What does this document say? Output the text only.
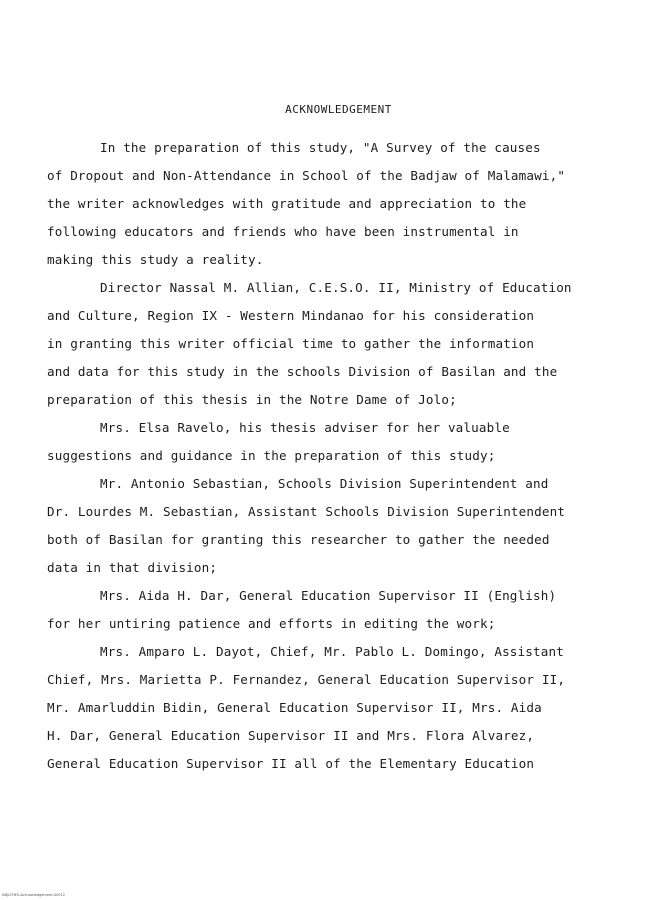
ACKNOWLEDGEMENT
In the preparation of this study, "A Survey of the causes
of Dropout and Non-Attendance in School of the Badjaw of Malamawi,"
the writer acknowledges with gratitude and appreciation to the
following educators and friends who have been instrumental in
making this study a reality.
Director Nassal M. Allian, C.E.S.O. II, Ministry of Education
and Culture, Region IX - Western Mindanao for his consideration
in granting this writer official time to gather the information
and data for this study in the schools Division of Basilan and the
preparation of this thesis in the Notre Dame of Jolo;
Mrs. Elsa Ravelo, his thesis adviser for her valuable
suggestions and guidance in the preparation of this study;
Mr. Antonio Sebastian, Schools Division Superintendent and
Dr. Lourdes M. Sebastian, Assistant Schools Division Superintendent
both of Basilan for granting this researcher to gather the needed
data in that division;
Mrs. Aida H. Dar, General Education Supervisor II (English)
for her untiring patience and efforts in editing the work;
Mrs. Amparo L. Dayot, Chief, Mr. Pablo L. Domingo, Assistant
Chief, Mrs. Marietta P. Fernandez, General Education Supervisor II,
Mr. Amarluddin Bidin, General Education Supervisor II, Mrs. Aida
H. Dar, General Education Supervisor II and Mrs. Flora Alvarez,
General Education Supervisor II all of the Elementary Education
NDJLTHES-Acknowledgement-00012
